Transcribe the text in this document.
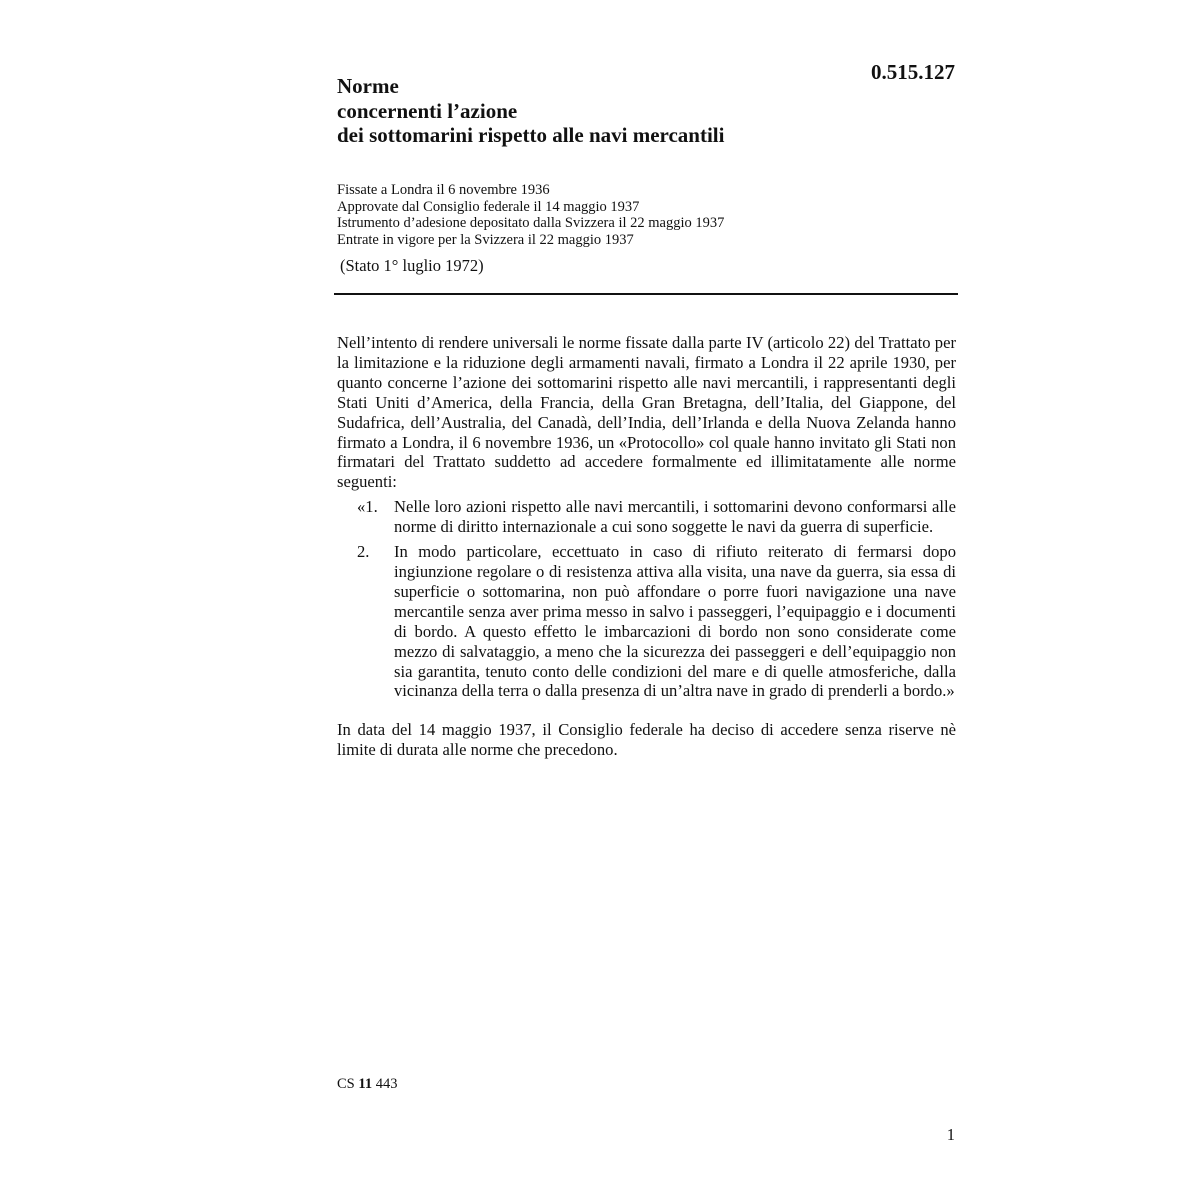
0.515.127
Norme
concernenti l’azione
dei sottomarini rispetto alle navi mercantili
Fissate a Londra il 6 novembre 1936
Approvate dal Consiglio federale il 14 maggio 1937
Istrumento d’adesione depositato dalla Svizzera il 22 maggio 1937
Entrate in vigore per la Svizzera il 22 maggio 1937
(Stato 1° luglio 1972)

Nell’intento di rendere universali le norme fissate dalla parte IV (articolo 22) del Trattato per la limitazione e la riduzione degli armamenti navali, firmato a Londra il 22 aprile 1930, per quanto concerne l’azione dei sottomarini rispetto alle navi mercantili, i rappresentanti degli Stati Uniti d’America, della Francia, della Gran Bretagna, dell’Italia, del Giappone, del Sudafrica, dell’Australia, del Canadà, dell’India, dell’Irlanda e della Nuova Zelanda hanno firmato a Londra, il 6 novembre 1936, un «Protocollo» col quale hanno invitato gli Stati non firmatari del Trattato suddetto ad accedere formalmente ed illimitatamente alle norme seguenti:

«1. Nelle loro azioni rispetto alle navi mercantili, i sottomarini devono conformarsi alle norme di diritto internazionale a cui sono soggette le navi da guerra di superficie.
2.	In modo particolare, eccettuato in caso di rifiuto reiterato di fermarsi dopo ingiunzione regolare o di resistenza attiva alla visita, una nave da guerra, sia essa di superficie o sottomarina, non può affondare o porre fuori navigazione una nave mercantile senza aver prima messo in salvo i passeggeri, l’equipaggio e i documenti di bordo. A questo effetto le imbarcazioni di bordo non sono considerate come mezzo di salvataggio, a meno che la sicurezza dei passeggeri e dell’equipaggio non sia garantita, tenuto conto delle condizioni del mare e di quelle atmosferiche, dalla vicinanza della terra o dalla presenza di un’altra nave in grado di prenderli a bordo.»

In data del 14 maggio 1937, il Consiglio federale ha deciso di accedere senza riserve nè limite di durata alle norme che precedono.

CS 11 443
1
